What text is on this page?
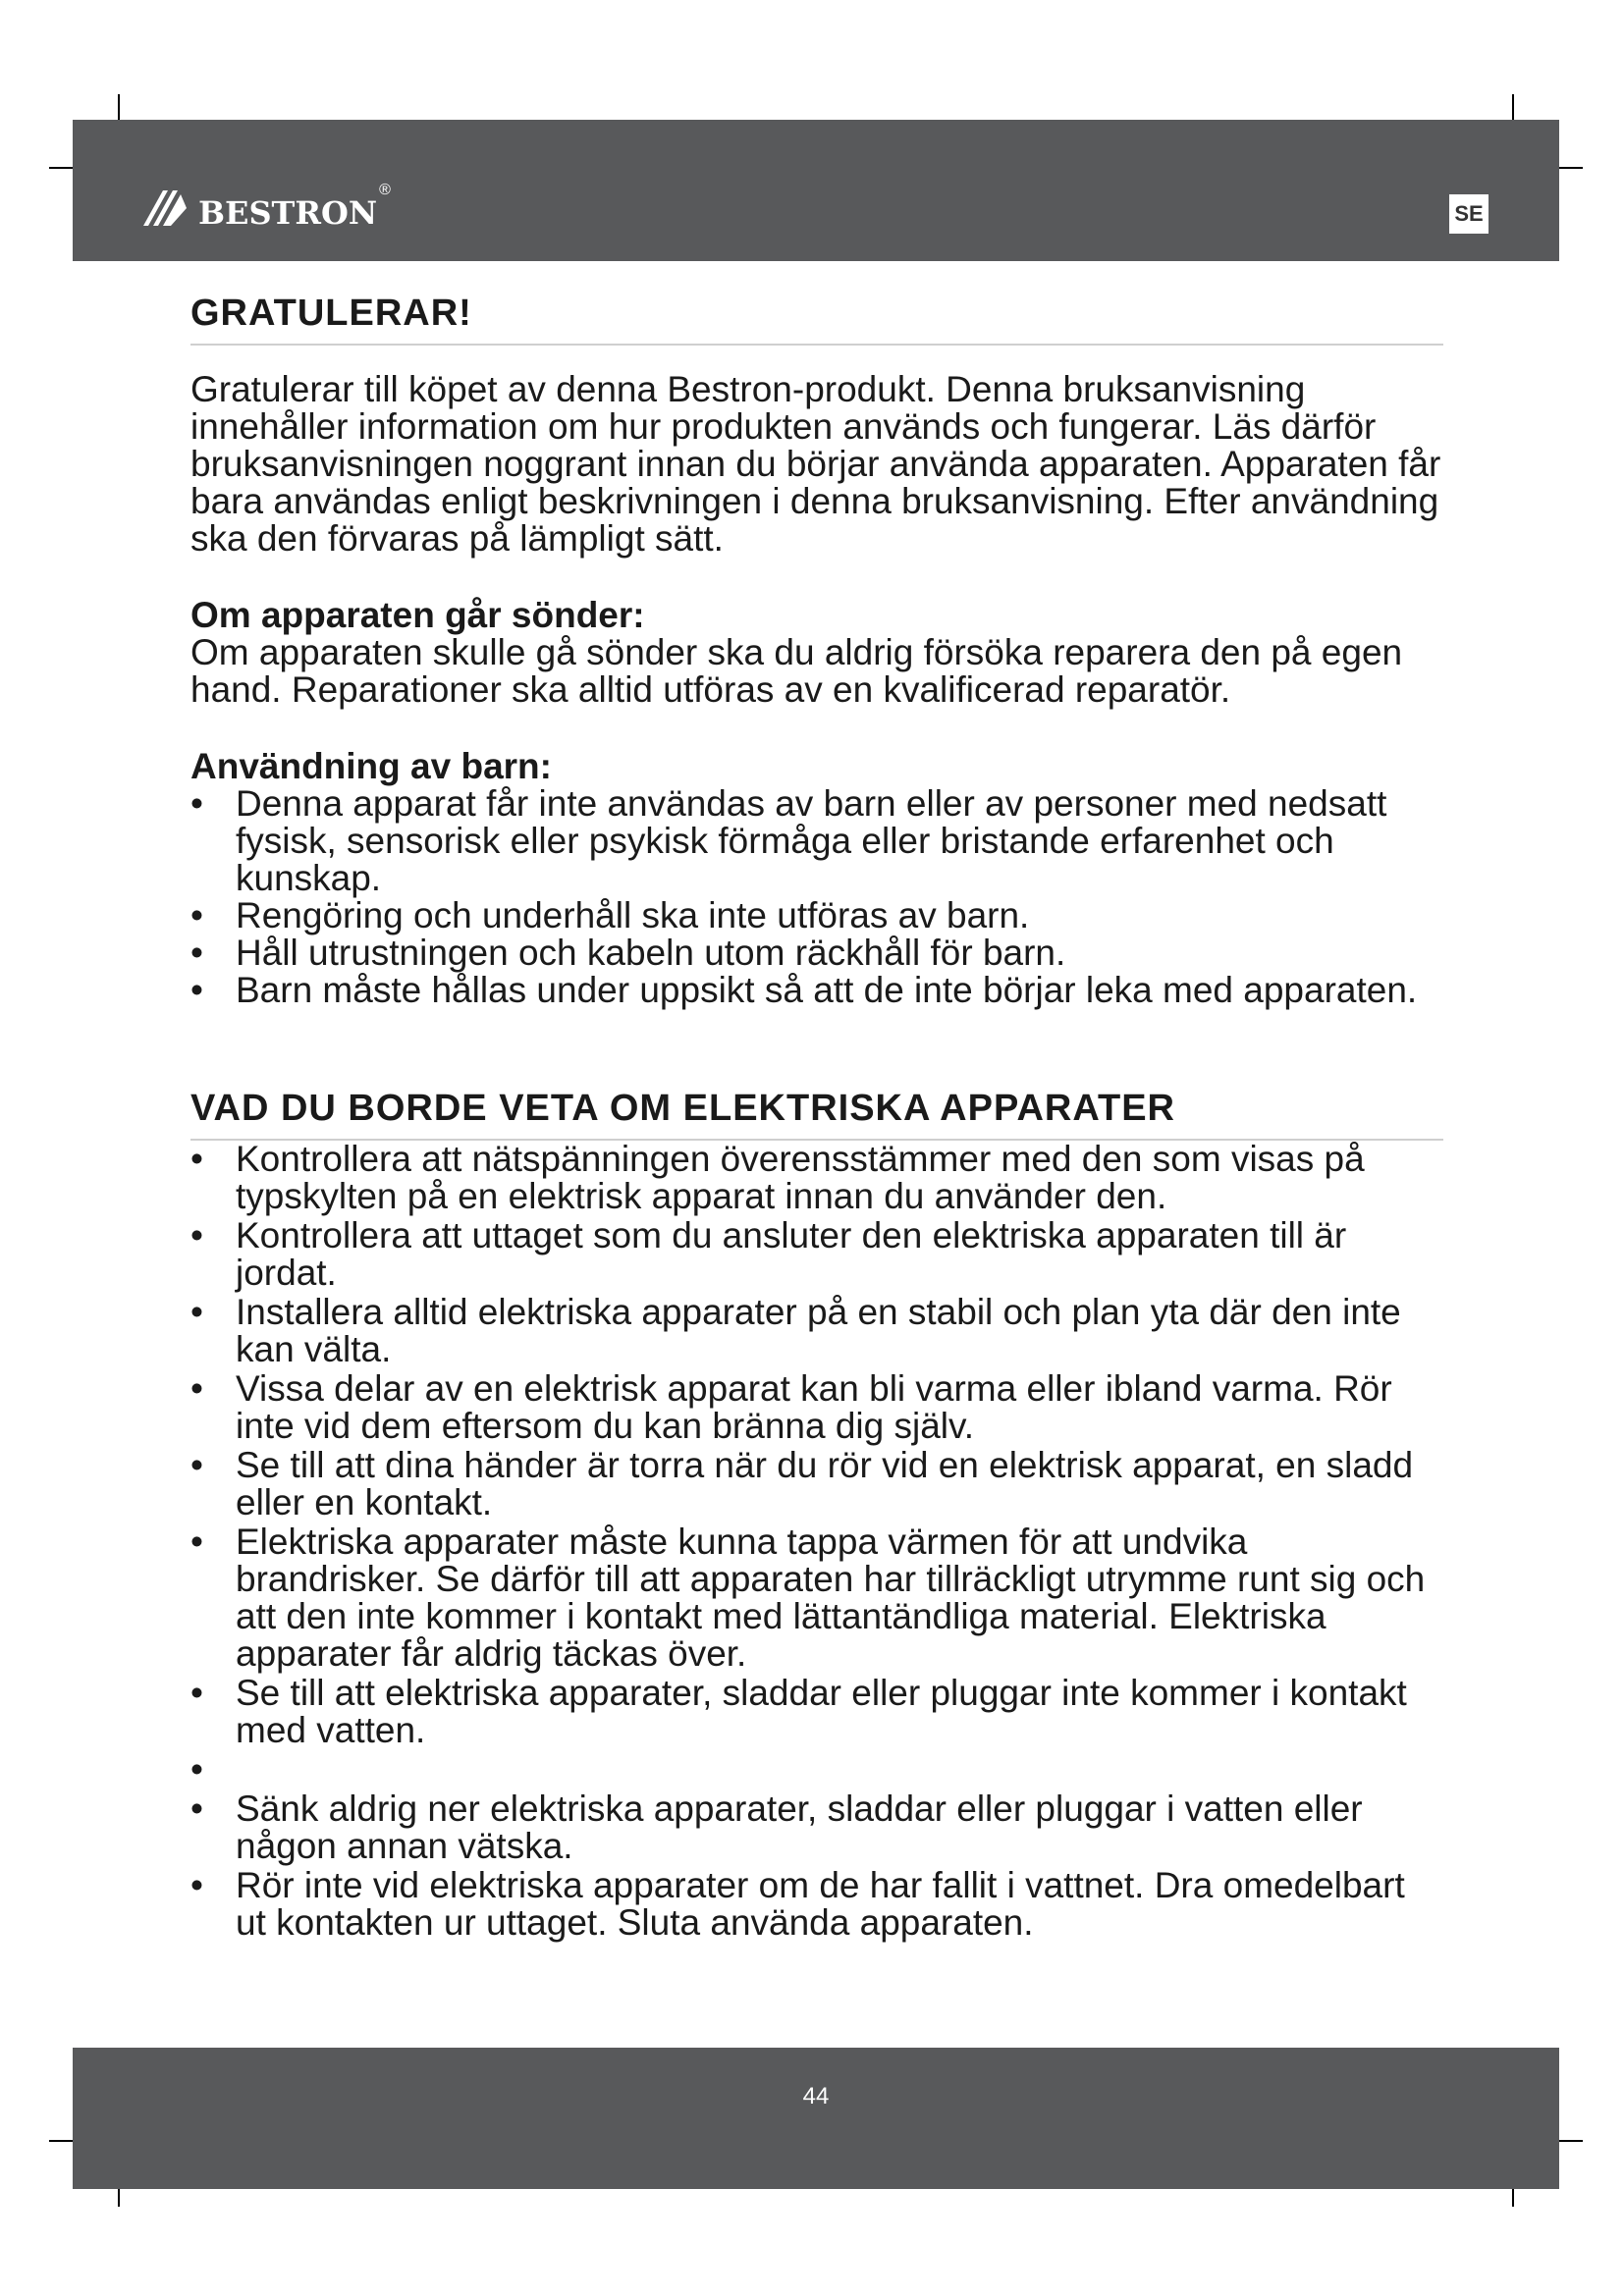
bestron ®
SE
GRATULERAR!

Gratulerar till köpet av denna Bestron-produkt. Denna bruksanvisning innehåller information om hur produkten används och fungerar. Läs därför bruksanvisningen noggrant innan du börjar använda apparaten. Apparaten får bara användas enligt beskrivningen i denna bruksanvisning. Efter användning ska den förvaras på lämpligt sätt.

Om apparaten går sönder:

Om apparaten skulle gå sönder ska du aldrig försöka reparera den på egen hand. Reparationer ska alltid utföras av en kvalificerad reparatör.

Användning av barn:

• Denna apparat får inte användas av barn eller av personer med nedsatt fysisk, sensorisk eller psykisk förmåga eller bristande erfarenhet och kunskap.
• Rengöring och underhåll ska inte utföras av barn.
• Håll utrustningen och kabeln utom räckhåll för barn.
• Barn måste hållas under uppsikt så att de inte börjar leka med apparaten.
VAD DU BORDE VETA OM ELEKTRISKA APPARATER
• Kontrollera att nätspänningen överensstämmer med den som visas på typskylten på en elektrisk apparat innan du använder den.
• Kontrollera att uttaget som du ansluter den elektriska apparaten till är jordat.
• Installera alltid elektriska apparater på en stabil och plan yta där den inte kan välta.
• Vissa delar av en elektrisk apparat kan bli varma eller ibland varma. Rör inte vid dem eftersom du kan bränna dig själv.
• Se till att dina händer är torra när du rör vid en elektrisk apparat, en sladd eller en kontakt.
• Elektriska apparater måste kunna tappa värmen för att undvika brandrisker. Se därför till att apparaten har tillräckligt utrymme runt sig och att den inte kommer i kontakt med lättantändliga material. Elektriska apparater får aldrig täckas över.
• Se till att elektriska apparater, sladdar eller pluggar inte kommer i kontakt med vatten.
•
• Sänk aldrig ner elektriska apparater, sladdar eller pluggar i vatten eller någon annan vätska.
• Rör inte vid elektriska apparater om de har fallit i vattnet. Dra omedelbart ut kontakten ur uttaget. Sluta använda apparaten.
44
